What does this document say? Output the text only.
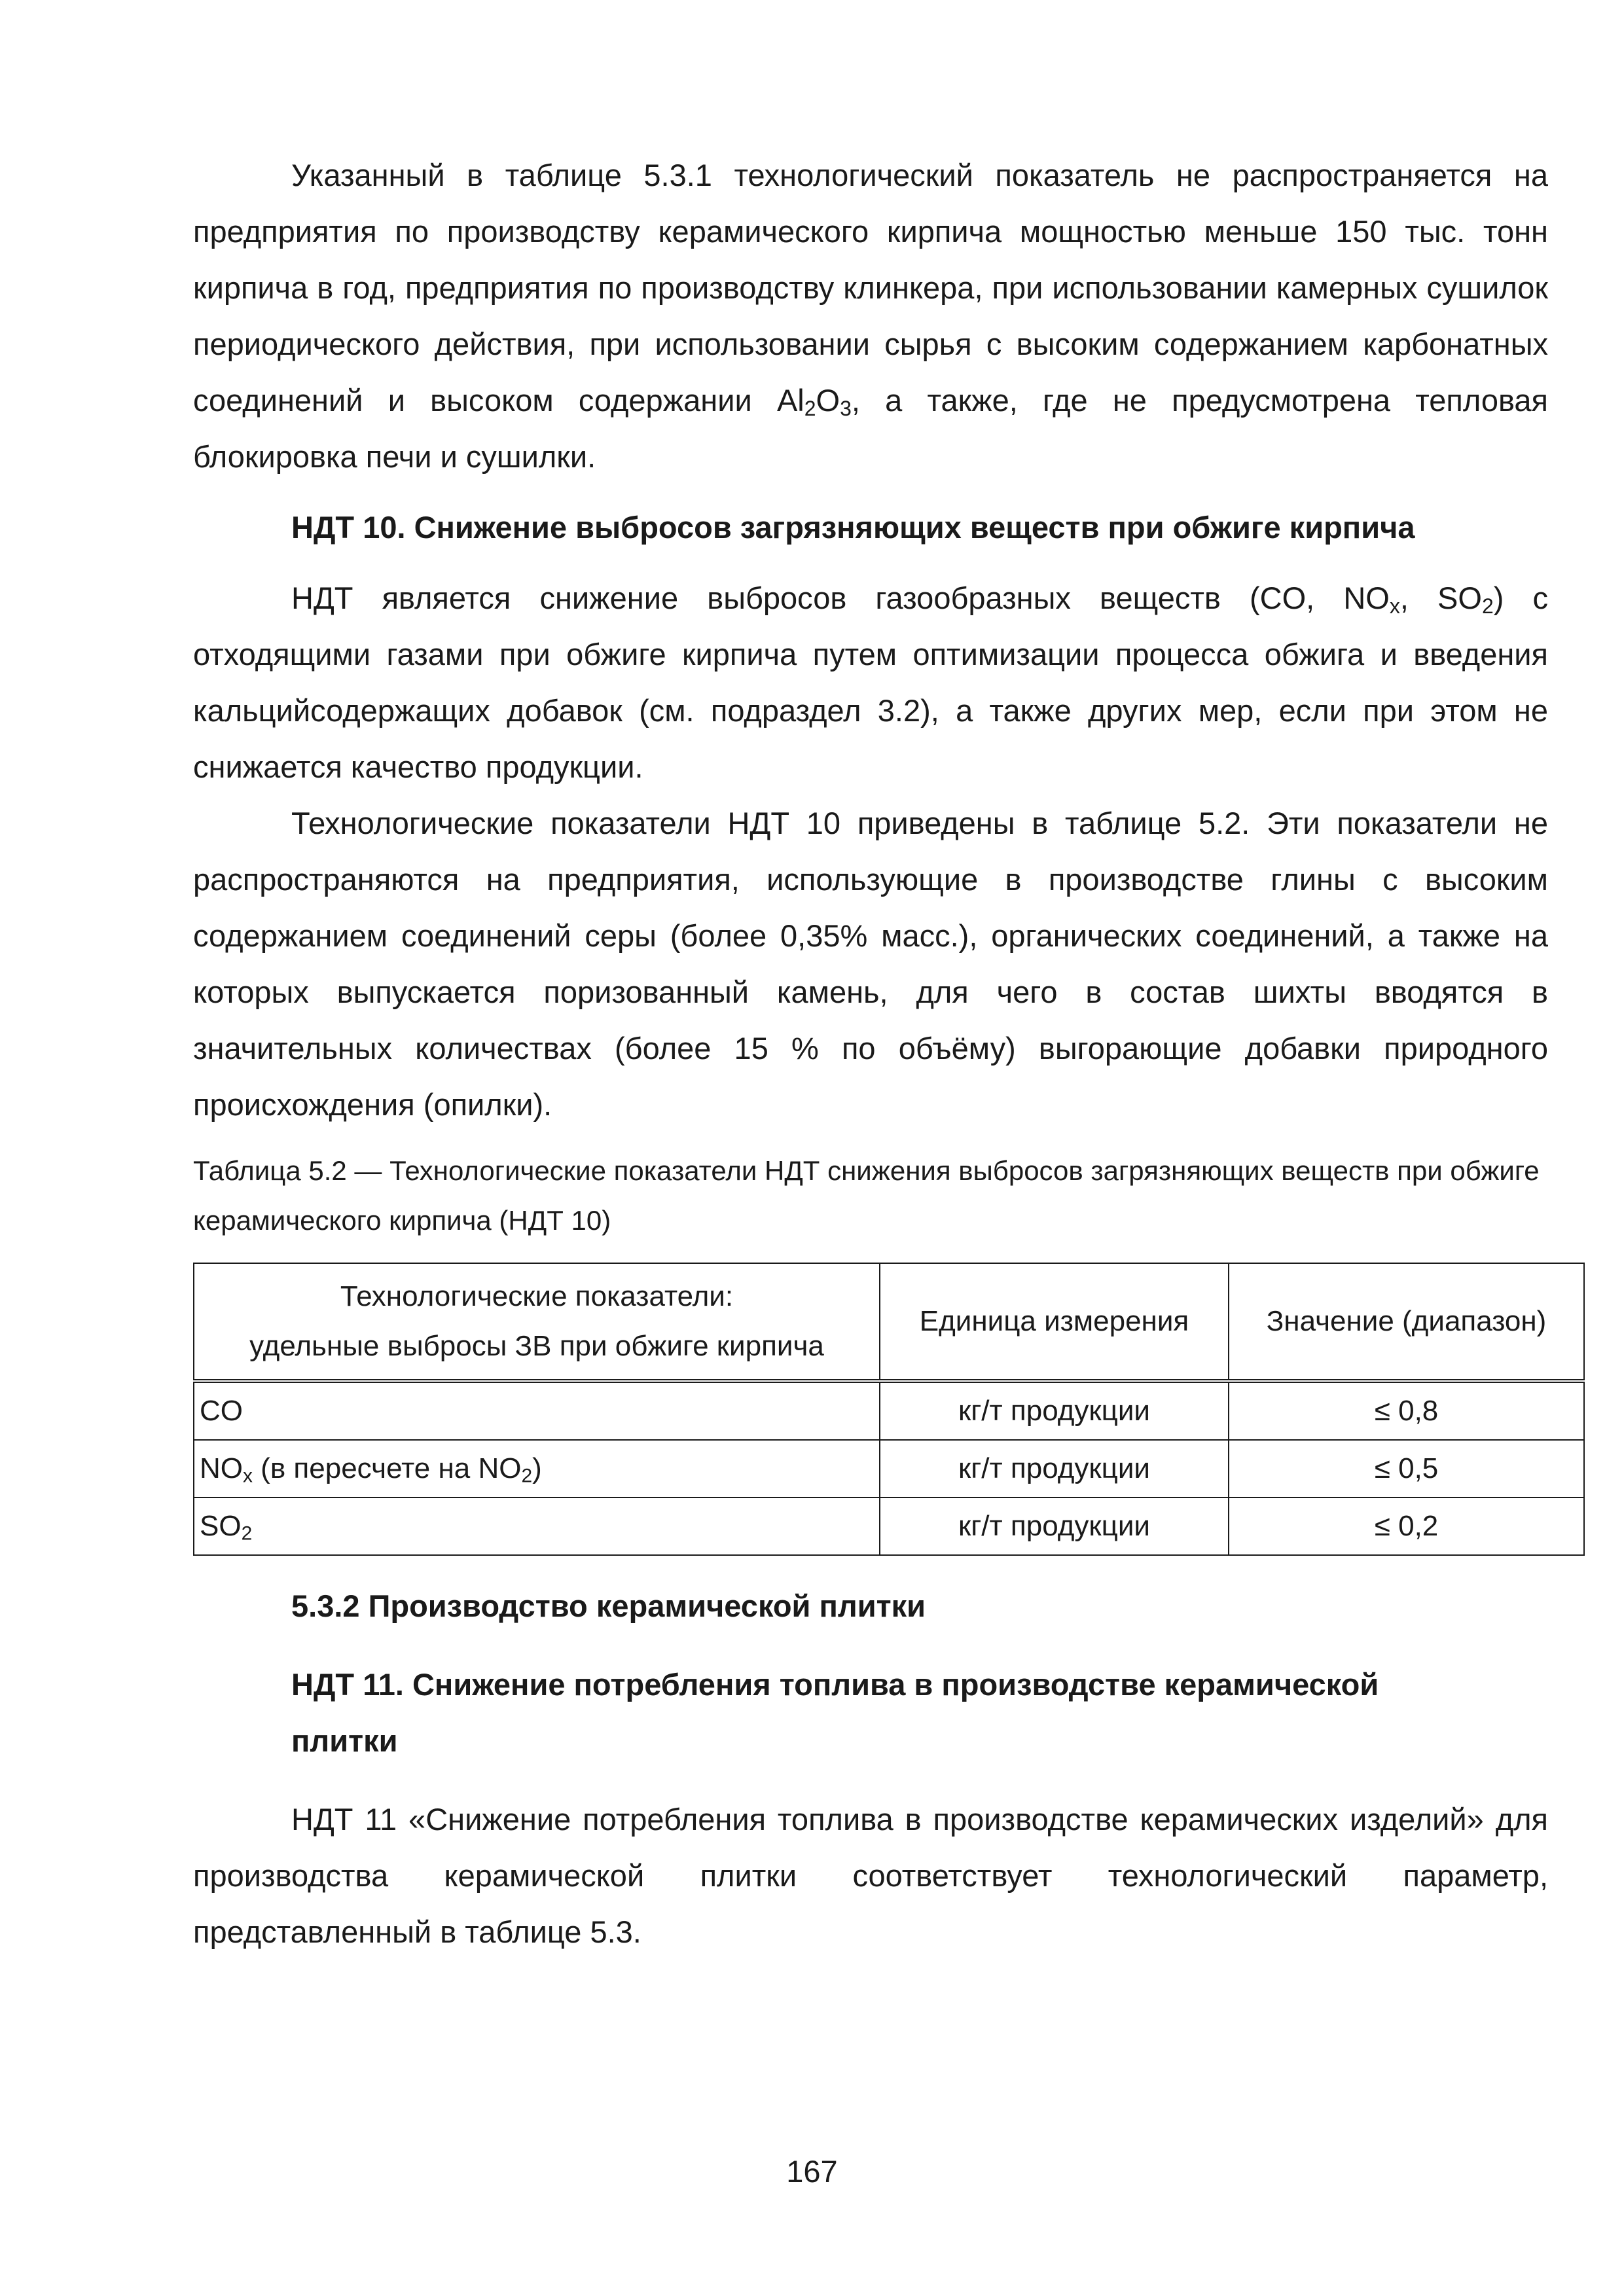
Указанный в таблице 5.3.1 технологический показатель не распространяется на предприятия по производству керамического кирпича мощностью меньше 150 тыс. тонн кирпича в год, предприятия по производству клинкера, при использовании камерных сушилок периодического действия, при использовании сырья с высоким содержанием карбонатных соединений и высоком содержании $Al_2O_3$, а также, где не предусмотрена тепловая блокировка печи и сушилки.

НДТ 10. Снижение выбросов загрязняющих веществ при обжиге кирпича

НДТ является снижение выбросов газообразных веществ (CO, $NO_x$, $SO_2$) с отходящими газами при обжиге кирпича путем оптимизации процесса обжига и введения кальцийсодержащих добавок (см. подраздел 3.2), а также других мер, если при этом не снижается качество продукции.

Технологические показатели НДТ 10 приведены в таблице 5.2. Эти показатели не распространяются на предприятия, использующие в производстве глины с высоким содержанием соединений серы (более 0,35% масс.), органических соединений, а также на которых выпускается поризованный камень, для чего в состав шихты вводятся в значительных количествах (более 15 % по объёму) выгорающие добавки природного происхождения (опилки).

Таблица 5.2 — Технологические показатели НДТ снижения выбросов загрязняющих веществ при обжиге керамического кирпича (НДТ 10)

Технологические показатели:
удельные выбросы ЗВ при обжиге кирпича	Единица измерения	Значение (диапазон)
CO	кг/т продукции	≤ 0,8
$NO_x$ (в пересчете на $NO_2$)	кг/т продукции	≤ 0,5
$SO_2$	кг/т продукции	≤ 0,2

5.3.2 Производство керамической плитки

НДТ 11. Снижение потребления топлива в производстве керамической
плитки

НДТ 11 «Снижение потребления топлива в производстве керамических изделий» для производства керамической плитки соответствует технологический параметр, представленный в таблице 5.3.

167
